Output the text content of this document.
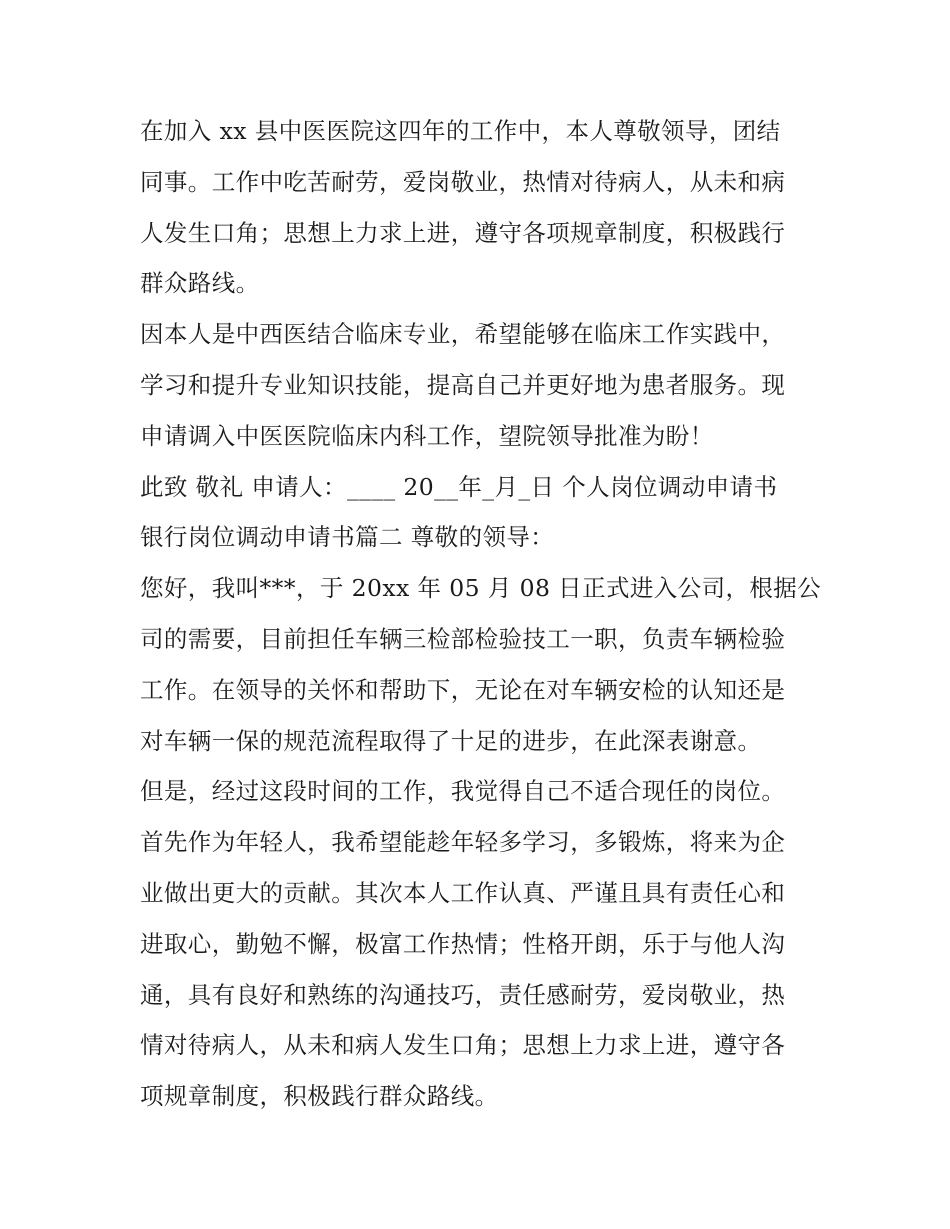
在加入 xx 县中医医院这四年的工作中，本人尊敬领导，团结
同事。工作中吃苦耐劳，爱岗敬业，热情对待病人，从未和病
人发生口角；思想上力求上进，遵守各项规章制度，积极践行
群众路线。
因本人是中西医结合临床专业，希望能够在临床工作实践中，
学习和提升专业知识技能，提高自己并更好地为患者服务。现
申请调入中医医院临床内科工作，望院领导批准为盼！
此致 敬礼 申请人：____ 20__年_月_日 个人岗位调动申请书
银行岗位调动申请书篇二 尊敬的领导：
您好，我叫***，于 20xx 年 05 月 08 日正式进入公司，根据公
司的需要，目前担任车辆三检部检验技工一职，负责车辆检验
工作。在领导的关怀和帮助下，无论在对车辆安检的认知还是
对车辆一保的规范流程取得了十足的进步，在此深表谢意。
但是，经过这段时间的工作，我觉得自己不适合现任的岗位。
首先作为年轻人，我希望能趁年轻多学习，多锻炼，将来为企
业做出更大的贡献。其次本人工作认真、严谨且具有责任心和
进取心，勤勉不懈，极富工作热情；性格开朗，乐于与他人沟
通，具有良好和熟练的沟通技巧，责任感耐劳，爱岗敬业，热
情对待病人，从未和病人发生口角；思想上力求上进，遵守各
项规章制度，积极践行群众路线。
